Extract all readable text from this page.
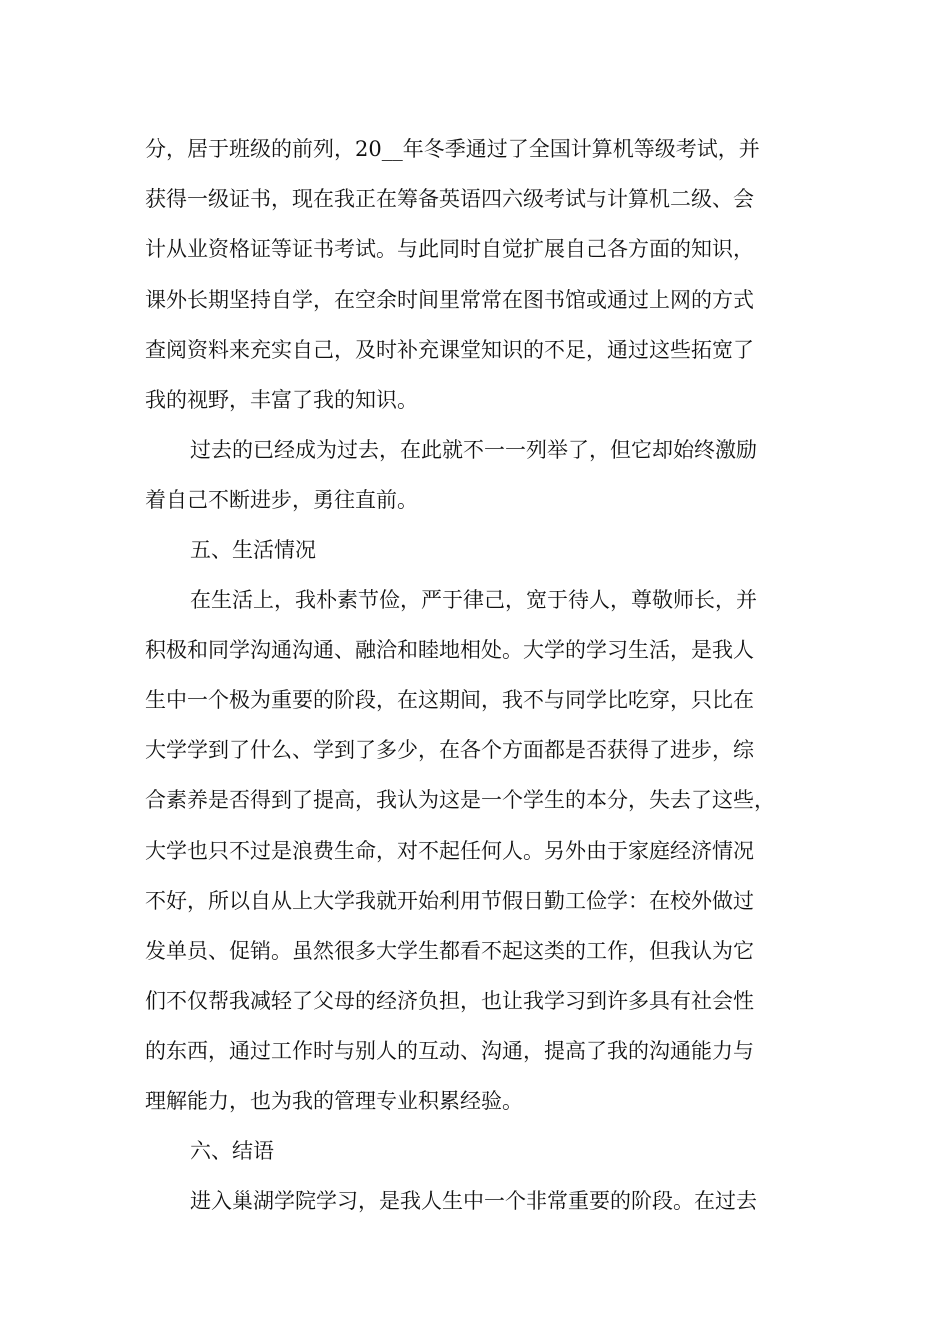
分，居于班级的前列，20__年冬季通过了全国计算机等级考试，并

获得一级证书，现在我正在筹备英语四六级考试与计算机二级、会

计从业资格证等证书考试。与此同时自觉扩展自己各方面的知识，

课外长期坚持自学，在空余时间里常常在图书馆或通过上网的方式

查阅资料来充实自己，及时补充课堂知识的不足，通过这些拓宽了

我的视野，丰富了我的知识。

过去的已经成为过去，在此就不一一列举了，但它却始终激励

着自己不断进步，勇往直前。

五、生活情况

在生活上，我朴素节俭，严于律己，宽于待人，尊敬师长，并

积极和同学沟通沟通、融洽和睦地相处。大学的学习生活，是我人

生中一个极为重要的阶段，在这期间，我不与同学比吃穿，只比在

大学学到了什么、学到了多少，在各个方面都是否获得了进步，综

合素养是否得到了提高，我认为这是一个学生的本分，失去了这些，

大学也只不过是浪费生命，对不起任何人。另外由于家庭经济情况

不好，所以自从上大学我就开始利用节假日勤工俭学：在校外做过

发单员、促销。虽然很多大学生都看不起这类的工作，但我认为它

们不仅帮我减轻了父母的经济负担，也让我学习到许多具有社会性

的东西，通过工作时与别人的互动、沟通，提高了我的沟通能力与

理解能力，也为我的管理专业积累经验。

六、结语

进入巢湖学院学习，是我人生中一个非常重要的阶段。在过去
